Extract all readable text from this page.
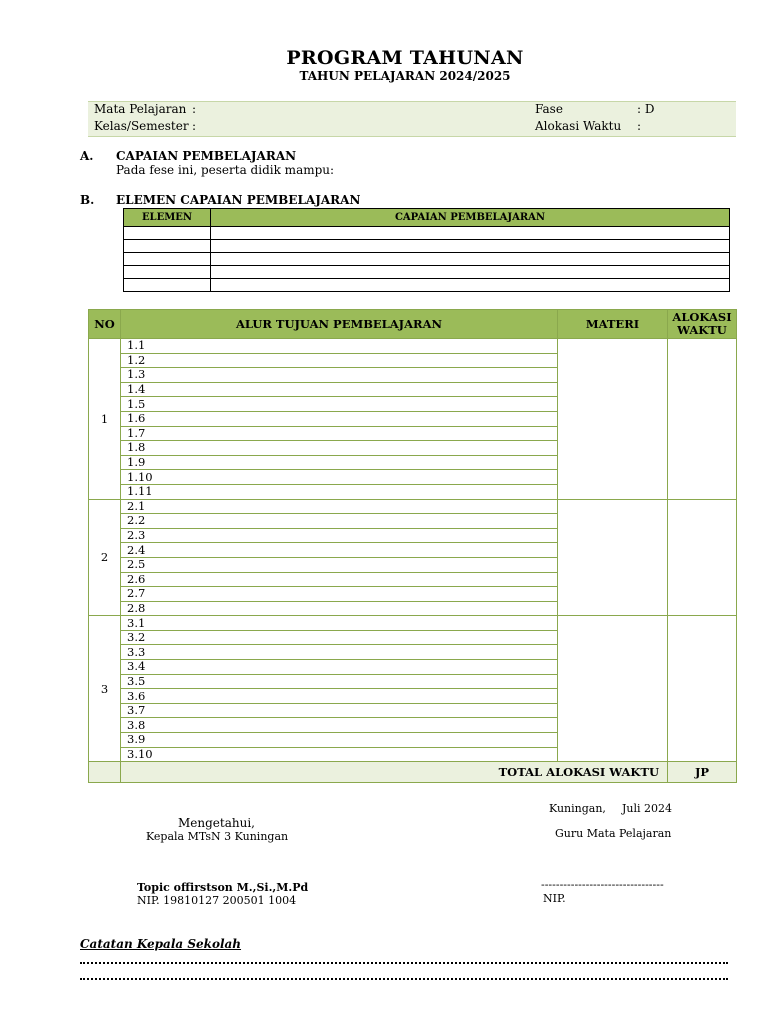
PROGRAM TAHUNAN
TAHUN PELAJARAN 2024/2025
Mata Pelajaran :
Kelas/Semester :
Fase	: D
Alokasi Waktu :
A. CAPAIAN PEMBELAJARAN
Pada fese ini, peserta didik mampu:
B. ELEMEN CAPAIAN PEMBELAJARAN
ELEMEN	CAPAIAN PEMBELAJARAN

NO	ALUR TUJUAN PEMBELAJARAN	MATERI	ALOKASI WAKTU
1	1.1		
	1.2		
	1.3		
	1.4		
	1.5		
	1.6		
	1.7		
	1.8		
	1.9		
	1.10		
	1.11		
2	2.1		
	2.2		
	2.3		
	2.4		
	2.5		
	2.6		
	2.7		
	2.8		
3	3.1		
	3.2		
	3.3		
	3.4		
	3.5		
	3.6		
	3.7		
	3.8		
	3.9		
	3.10		
	TOTAL ALOKASI WAKTU		JP
Kuningan, Juli 2024
Mengetahui,
Kepala MTsN 3 Kuningan	Guru Mata Pelajaran
Topic offirstson M.,Si.,M.Pd
NIP. 19810127 200501 1004
---------------------------------
NIP.
Catatan Kepala Sekolah
